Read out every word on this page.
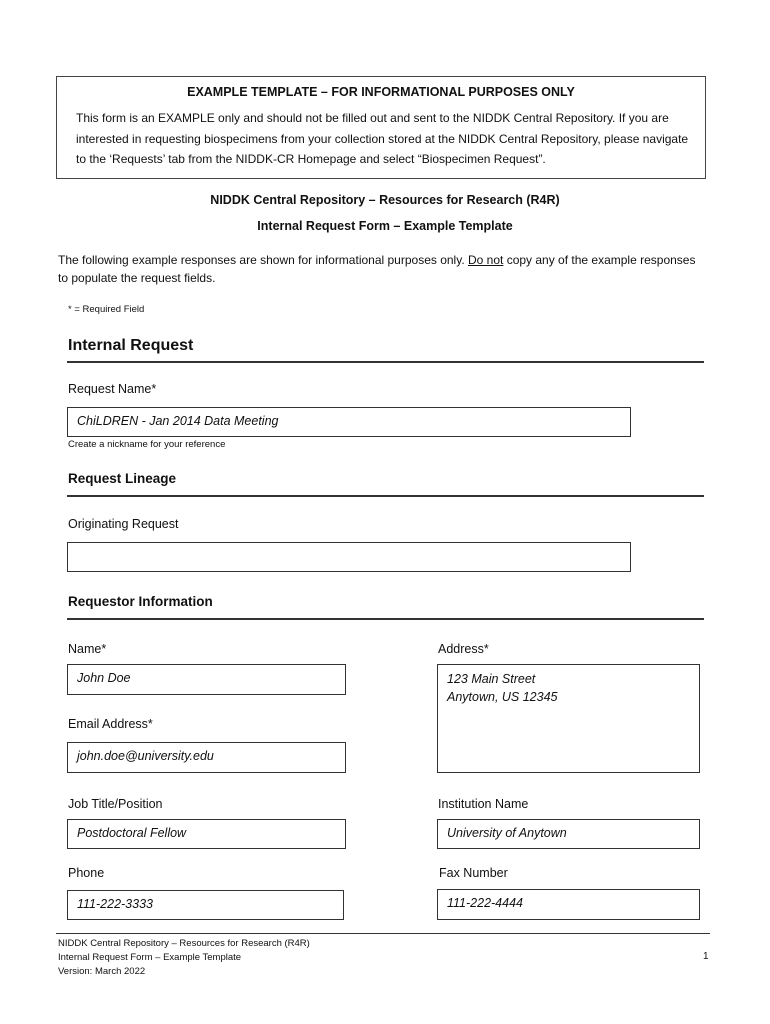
EXAMPLE TEMPLATE – FOR INFORMATIONAL PURPOSES ONLY
This form is an EXAMPLE only and should not be filled out and sent to the NIDDK Central Repository. If you are interested in requesting biospecimens from your collection stored at the NIDDK Central Repository, please navigate to the ‘Requests’ tab from the NIDDK-CR Homepage and select “Biospecimen Request”.
NIDDK Central Repository – Resources for Research (R4R)
Internal Request Form – Example Template
The following example responses are shown for informational purposes only. Do not copy any of the example responses to populate the request fields.
* = Required Field
Internal Request
Request Name*
ChiLDREN - Jan 2014 Data Meeting
Create a nickname for your reference
Request Lineage
Originating Request
Requestor Information
Name*
John Doe
Address*
123 Main Street
Anytown, US 12345
Email Address*
john.doe@university.edu
Job Title/Position
Postdoctoral Fellow
Institution Name
University of Anytown
Phone
111-222-3333
Fax Number
111-222-4444
NIDDK Central Repository – Resources for Research (R4R)
Internal Request Form – Example Template
Version: March 2022
1
